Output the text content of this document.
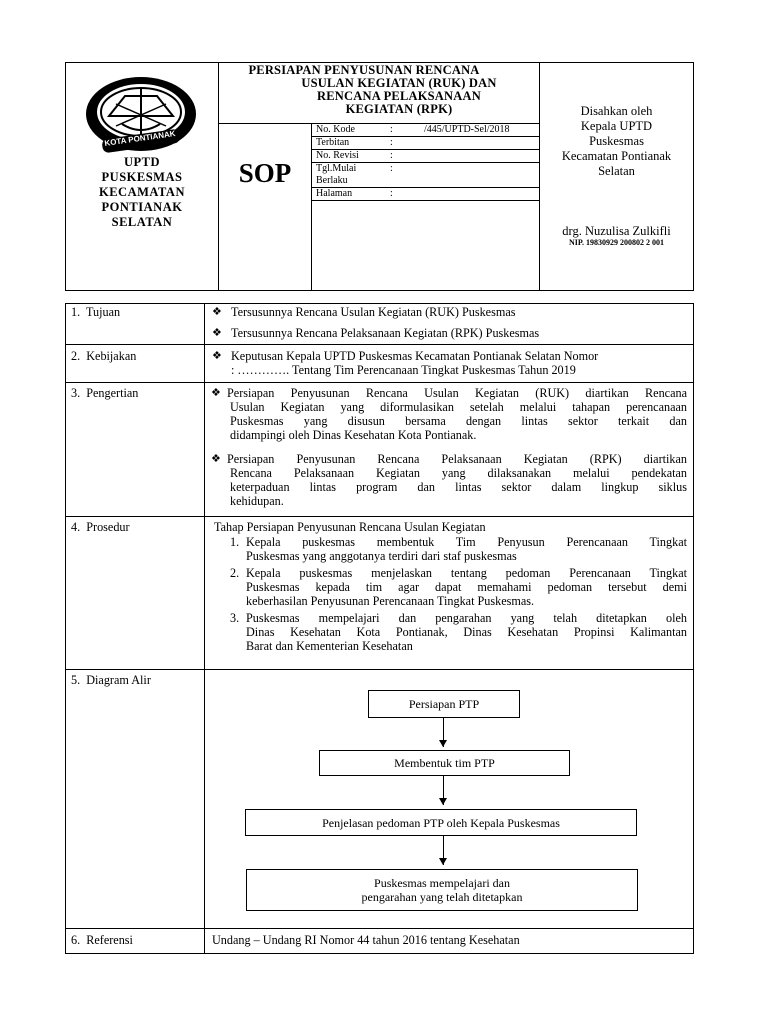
KOTA PONTIANAK
UPTD
PUSKESMAS
KECAMATAN
PONTIANAK
SELATAN
PERSIAPAN PENYUSUNAN RENCANA
USULAN KEGIATAN (RUK) DAN
RENCANA PELAKSANAAN
KEGIATAN (RPK)
SOP
No. Kode	:	/445/UPTD-Sel/2018
Terbitan	:
No. Revisi	:
Tgl.Mulai	:
Berlaku
Halaman	:
Disahkan oleh
Kepala UPTD
Puskesmas
Kecamatan Pontianak
Selatan
drg. Nuzulisa Zulkifli
NIP. 19830929 200802 2 001
1.  Tujuan	❖ Tersusunnya Rencana Usulan Kegiatan (RUK) Puskesmas
❖ Tersusunnya Rencana Pelaksanaan Kegiatan (RPK) Puskesmas
2.  Kebijakan	❖ Keputusan Kepala UPTD Puskesmas Kecamatan Pontianak Selatan Nomor
: …………. Tentang Tim Perencanaan Tingkat Puskesmas Tahun 2019
3.  Pengertian	❖ Persiapan Penyusunan Rencana Usulan Kegiatan (RUK) diartikan Rencana
Usulan Kegiatan yang diformulasikan setelah melalui tahapan perencanaan
Puskesmas yang disusun bersama dengan lintas sektor terkait dan
didampingi oleh Dinas Kesehatan Kota Pontianak.
❖ Persiapan Penyusunan Rencana Pelaksanaan Kegiatan (RPK) diartikan
Rencana Pelaksanaan Kegiatan yang dilaksanakan melalui pendekatan
keterpaduan lintas program dan lintas sektor dalam lingkup siklus
kehidupan.
4.  Prosedur	Tahap Persiapan Penyusunan Rencana Usulan Kegiatan
1. Kepala puskesmas membentuk Tim Penyusun Perencanaan Tingkat
Puskesmas yang anggotanya terdiri dari staf puskesmas
2. Kepala puskesmas menjelaskan tentang pedoman Perencanaan Tingkat
Puskesmas kepada tim agar dapat memahami pedoman tersebut demi
keberhasilan Penyusunan Perencanaan Tingkat Puskesmas.
3. Puskesmas mempelajari dan pengarahan yang telah ditetapkan oleh
Dinas Kesehatan Kota Pontianak, Dinas Kesehatan Propinsi Kalimantan
Barat dan Kementerian Kesehatan
5.  Diagram Alir
Persiapan PTP
Membentuk tim PTP
Penjelasan pedoman PTP oleh Kepala Puskesmas
Puskesmas mempelajari dan pengarahan yang telah ditetapkan
6.  Referensi	Undang – Undang RI Nomor 44 tahun 2016 tentang Kesehatan
